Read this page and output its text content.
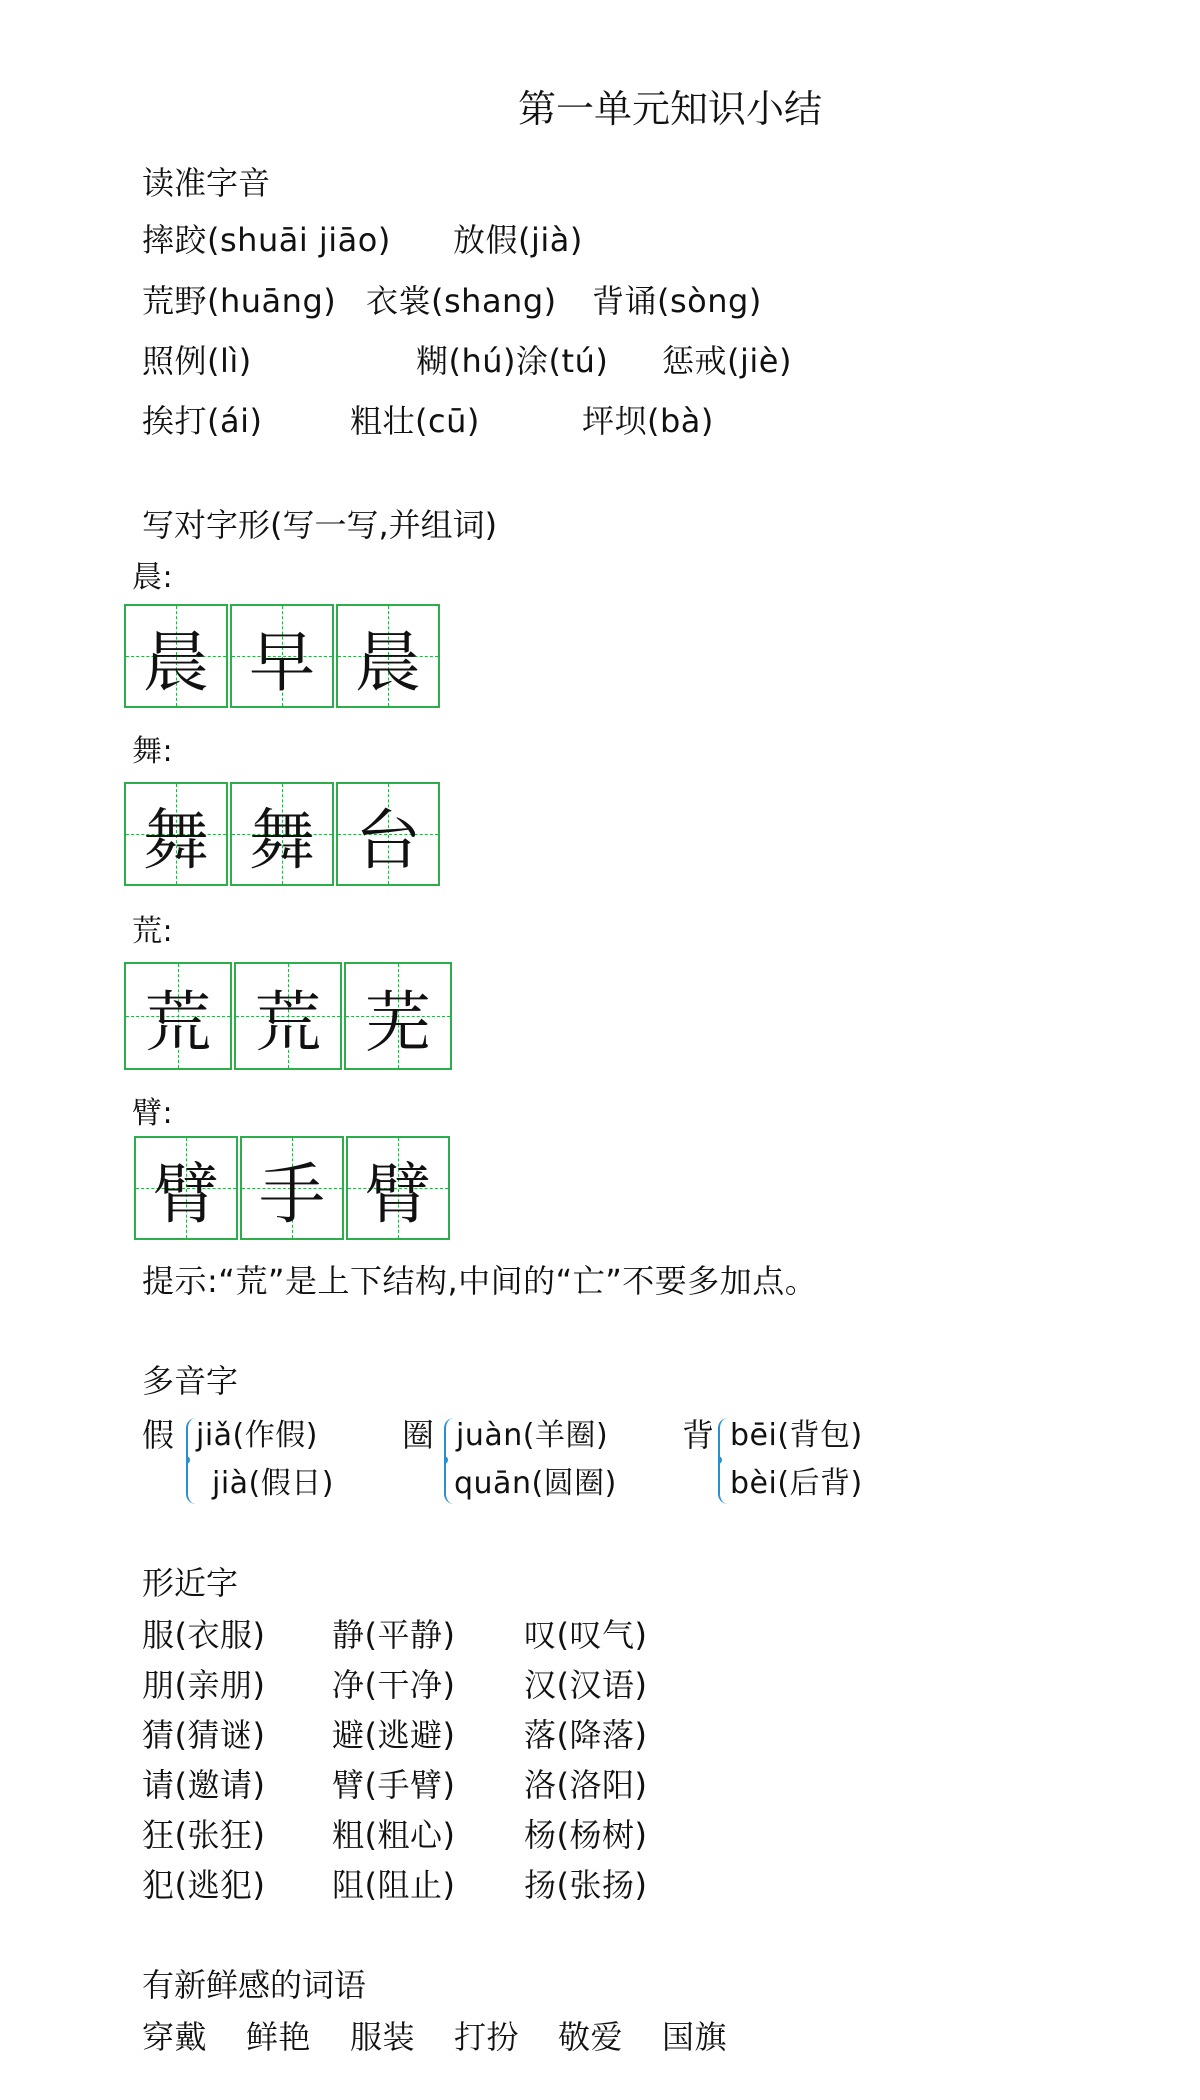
第一单元知识小结
读准字音
摔跤(shuāi jiāo) 放假(jià)
荒野(huāng) 衣裳(shang) 背诵(sòng)
照例(lì)	糊(hú)涂(tú) 惩戒(jiè)
挨打(ái)	粗壮(cū)	坪坝(bà)
写对字形(写一写,并组词)
晨:
晨 早 晨
舞:
舞 舞 台
荒:
荒 荒 芜
臂:
臂 手 臂
提示:“荒”是上下结构,中间的“亡”不要多加点。
多音字
假 jiǎ(作假)
jià(假日)
圈 juàn(羊圈)
quān(圆圈)
背 bēi(背包)
bèi(后背)
形近字
服(衣服) 静(平静) 叹(叹气)
朋(亲朋) 净(干净) 汉(汉语)
猜(猜谜) 避(逃避) 落(降落)
请(邀请) 臂(手臂) 洛(洛阳)
狂(张狂) 粗(粗心) 杨(杨树)
犯(逃犯) 阻(阻止) 扬(张扬)
有新鲜感的词语
穿戴 鲜艳 服装 打扮 敬爱 国旗
